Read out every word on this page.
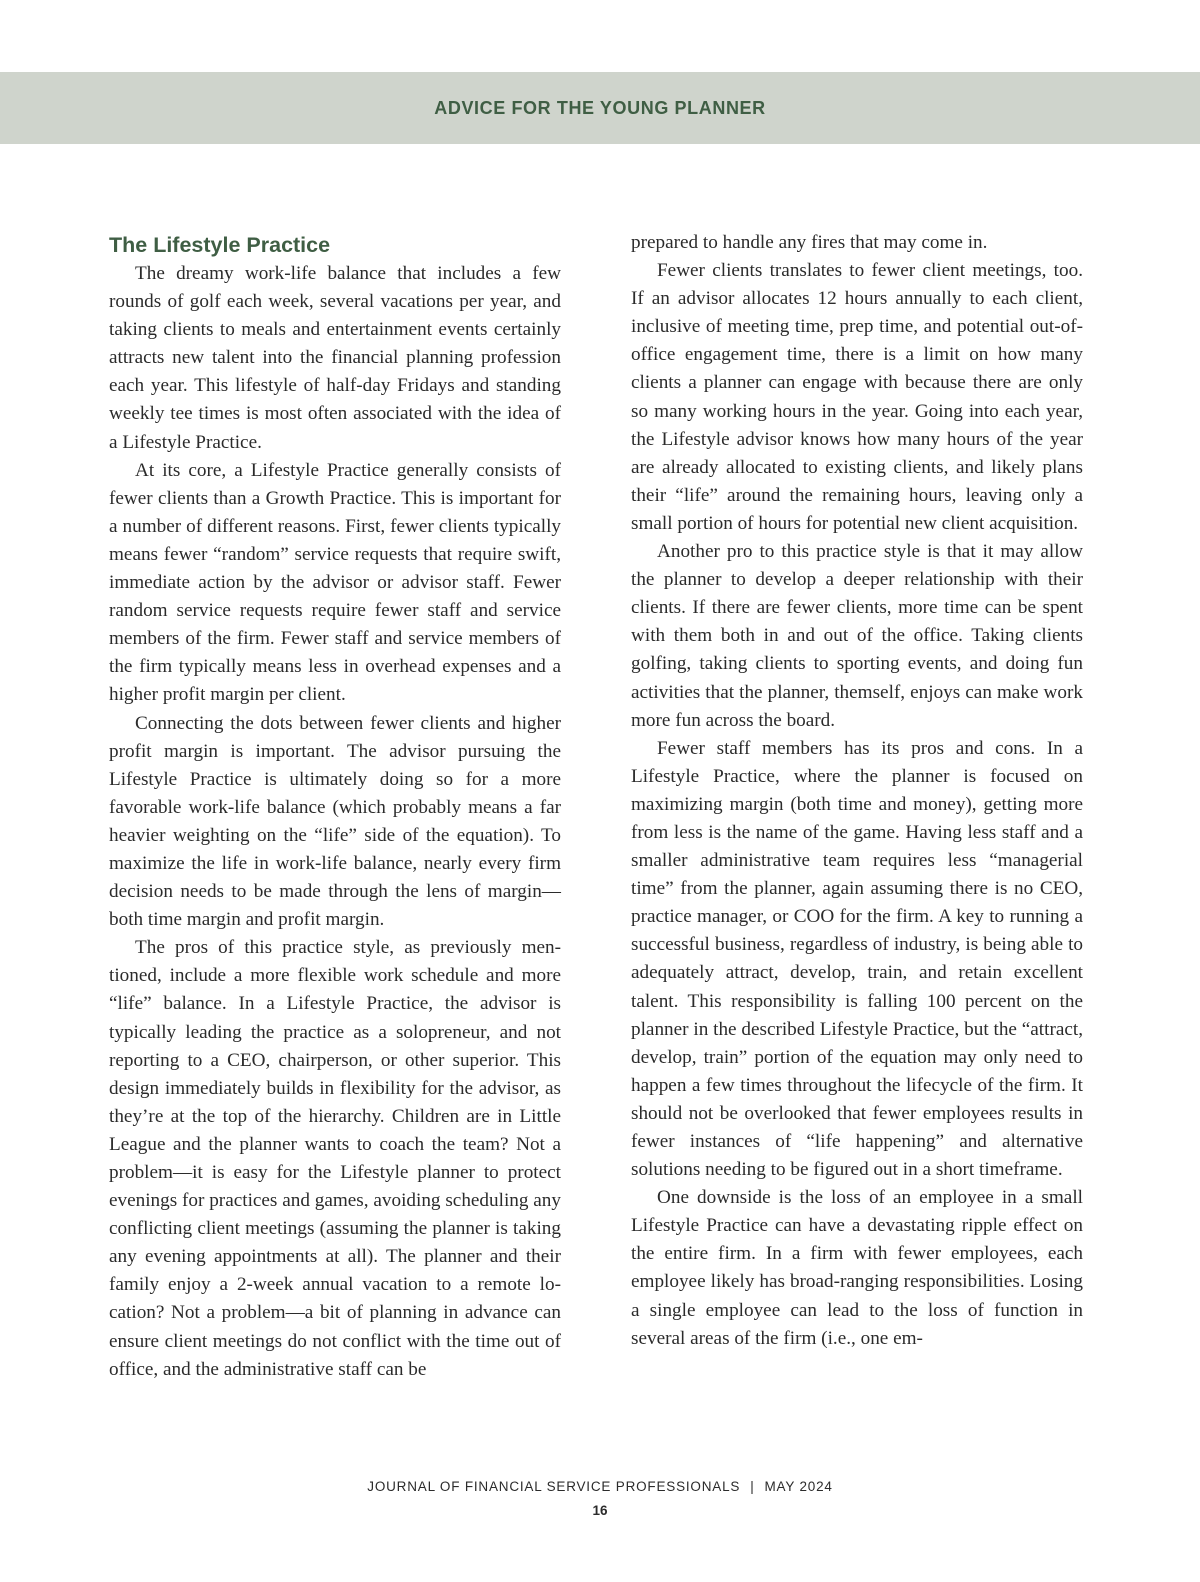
ADVICE FOR THE YOUNG PLANNER
The Lifestyle Practice

The dreamy work-life balance that includes a few rounds of golf each week, several vacations per year, and taking clients to meals and entertainment events certainly attracts new talent into the financial planning profession each year. This lifestyle of half-day Fridays and standing weekly tee times is most often associated with the idea of a Lifestyle Practice.

At its core, a Lifestyle Practice generally consists of fewer clients than a Growth Practice. This is important for a number of different reasons. First, fewer clients typically means fewer “random” service requests that require swift, immediate action by the advisor or advisor staff. Fewer random service requests require fewer staff and service members of the firm. Fewer staff and service members of the firm typically means less in overhead expenses and a higher profit margin per client.

Connecting the dots between fewer clients and higher profit margin is important. The advisor pursuing the Lifestyle Practice is ultimately doing so for a more favorable work-life balance (which probably means a far heavier weighting on the “life” side of the equation). To maximize the life in work-life balance, nearly every firm decision needs to be made through the lens of margin—both time margin and profit margin.

The pros of this practice style, as previously mentioned, include a more flexible work schedule and more “life” balance. In a Lifestyle Practice, the advisor is typically leading the practice as a solopreneur, and not reporting to a CEO, chairperson, or other superior. This design immediately builds in flexibility for the advisor, as they’re at the top of the hierarchy. Children are in Little League and the planner wants to coach the team? Not a problem—it is easy for the Lifestyle planner to protect evenings for practices and games, avoiding scheduling any conflicting client meetings (assuming the planner is taking any evening appointments at all). The planner and their family enjoy a 2-week annual vacation to a remote location? Not a problem—a bit of planning in advance can ensure client meetings do not conflict with the time out of office, and the administrative staff can be

prepared to handle any fires that may come in.

Fewer clients translates to fewer client meetings, too. If an advisor allocates 12 hours annually to each client, inclusive of meeting time, prep time, and potential out-of-office engagement time, there is a limit on how many clients a planner can engage with because there are only so many working hours in the year. Going into each year, the Lifestyle advisor knows how many hours of the year are already allocated to existing clients, and likely plans their “life” around the remaining hours, leaving only a small portion of hours for potential new client acquisition.

Another pro to this practice style is that it may allow the planner to develop a deeper relationship with their clients. If there are fewer clients, more time can be spent with them both in and out of the office. Taking clients golfing, taking clients to sporting events, and doing fun activities that the planner, themself, enjoys can make work more fun across the board.

Fewer staff members has its pros and cons. In a Lifestyle Practice, where the planner is focused on maximizing margin (both time and money), getting more from less is the name of the game. Having less staff and a smaller administrative team requires less “managerial time” from the planner, again assuming there is no CEO, practice manager, or COO for the firm. A key to running a successful business, regardless of industry, is being able to adequately attract, develop, train, and retain excellent talent. This responsibility is falling 100 percent on the planner in the described Lifestyle Practice, but the “attract, develop, train” portion of the equation may only need to happen a few times throughout the lifecycle of the firm. It should not be overlooked that fewer employees results in fewer instances of “life happening” and alternative solutions needing to be figured out in a short timeframe.

One downside is the loss of an employee in a small Lifestyle Practice can have a devastating ripple effect on the entire firm. In a firm with fewer employees, each employee likely has broad-ranging responsibilities. Losing a single employee can lead to the loss of function in several areas of the firm (i.e., one em-

JOURNAL OF FINANCIAL SERVICE PROFESSIONALS | MAY 2024
16
